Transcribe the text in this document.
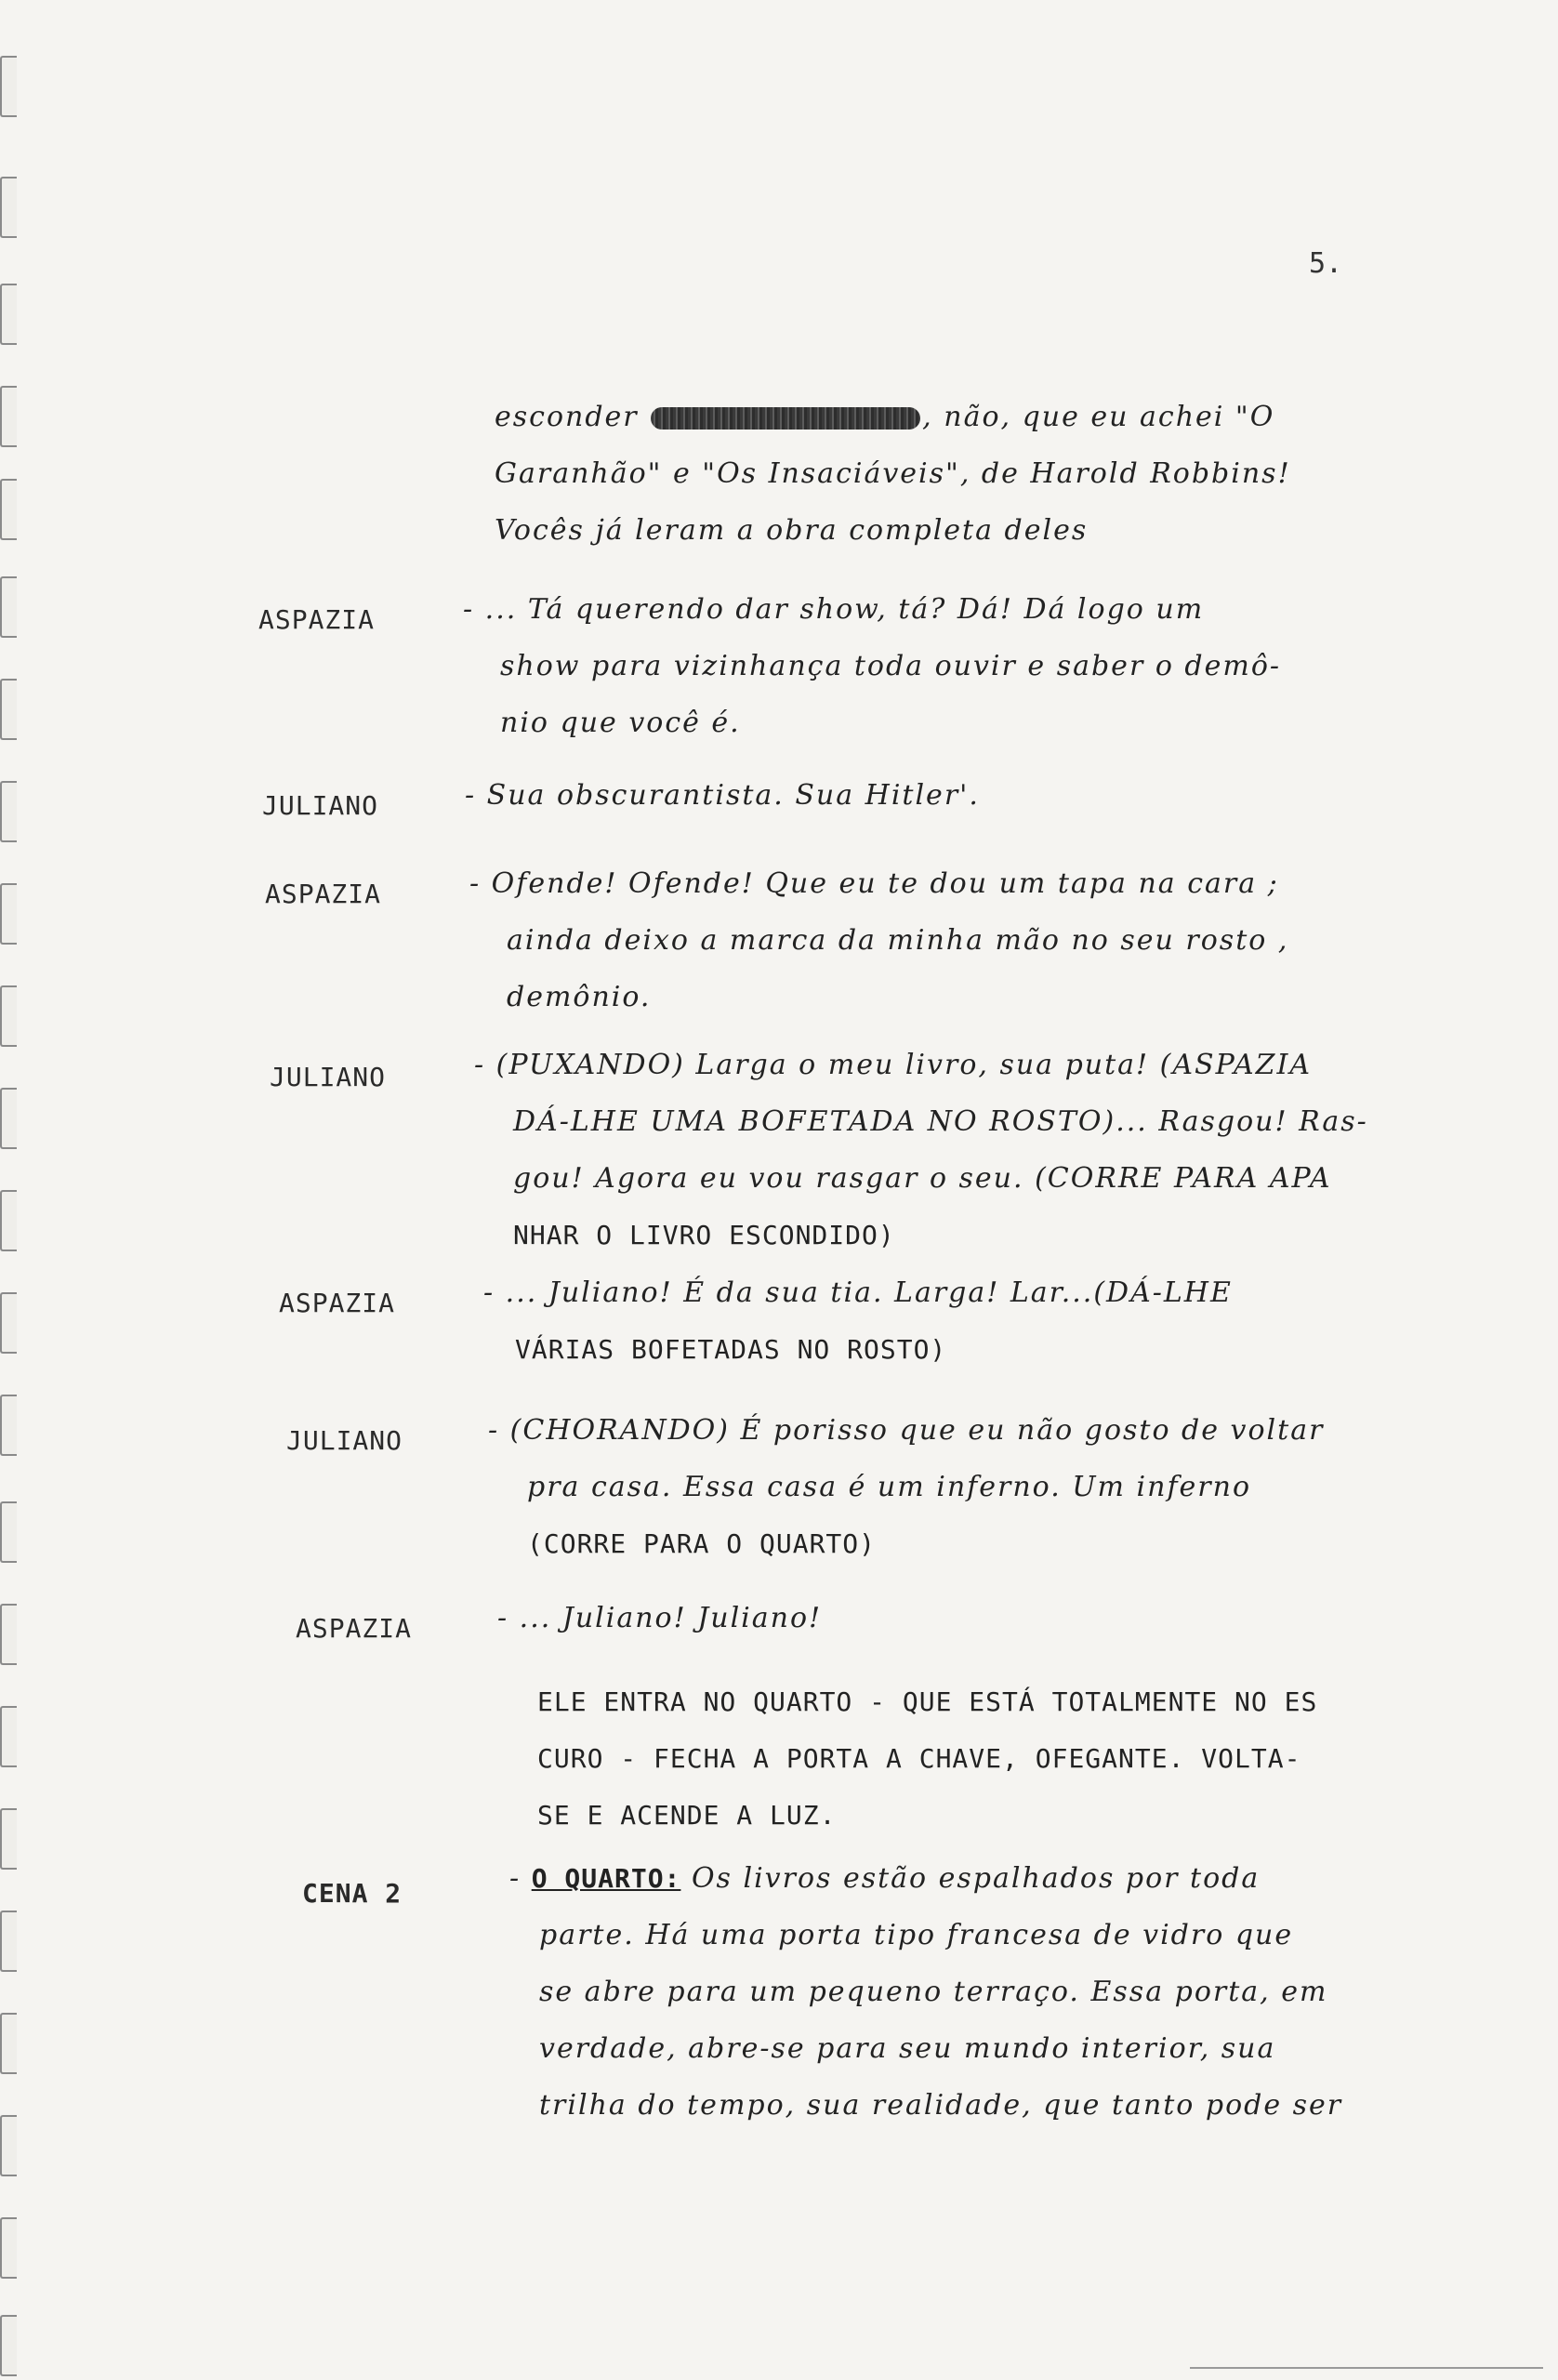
5.
esconder	, não, que eu achei "O
Garanhão" e "Os Insaciáveis", de Harold Robbins!
Vocês já leram a obra completa deles
ASPAZIA	- ... Tá querendo dar show, tá? Dá! Dá logo um
show para vizinhança toda ouvir e saber o demô-
nio que você é.
JULIANO	- Sua obscurantista. Sua Hitler'.
ASPAZIA	- Ofende! Ofende! Que eu te dou um tapa na cara ;
ainda deixo a marca da minha mão no seu rosto ,
demônio.
JULIANO	- (PUXANDO) Larga o meu livro, sua puta! (ASPAZIA
DÁ-LHE UMA BOFETADA NO ROSTO)... Rasgou! Ras-
gou! Agora eu vou rasgar o seu. (CORRE PARA APA
NHAR O LIVRO ESCONDIDO)
ASPAZIA	- ... Juliano! É da sua tia. Larga! Lar...(DÁ-LHE
VÁRIAS BOFETADAS NO ROSTO)
JULIANO	- (CHORANDO) É porisso que eu não gosto de voltar
pra casa. Essa casa é um inferno. Um inferno
(CORRE PARA O QUARTO)
ASPAZIA	- ... Juliano! Juliano!
ELE ENTRA NO QUARTO - QUE ESTÁ TOTALMENTE NO ES
CURO - FECHA A PORTA A CHAVE, OFEGANTE. VOLTA-
SE E ACENDE A LUZ.
CENA 2	- O QUARTO: Os livros estão espalhados por toda
parte. Há uma porta tipo francesa de vidro que
se abre para um pequeno terraço. Essa porta, em
verdade, abre-se para seu mundo interior, sua
trilha do tempo, sua realidade, que tanto pode ser
